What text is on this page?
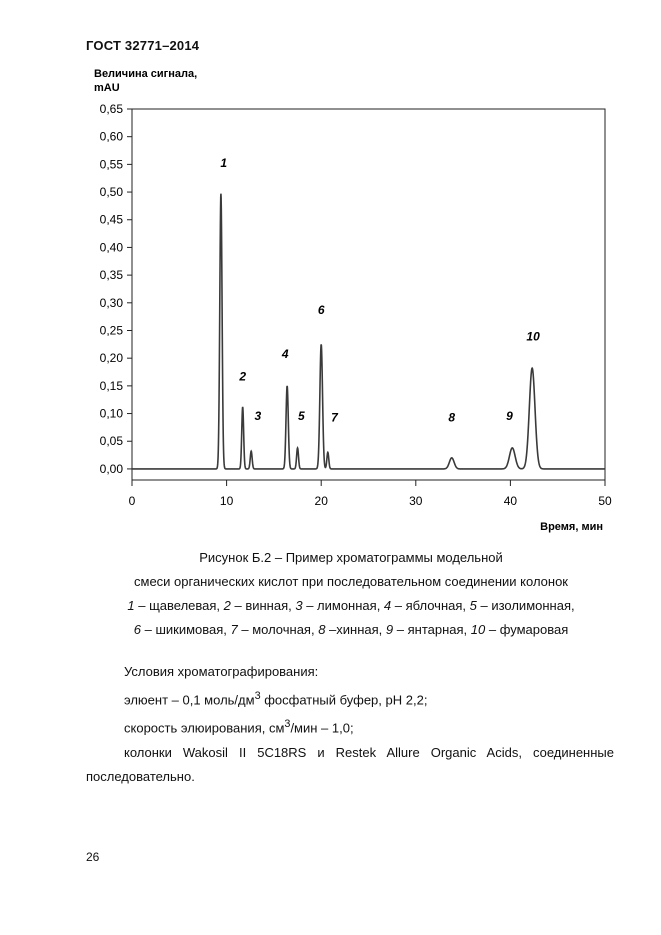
ГОСТ 32771–2014
Величина сигнала,
mAU
0,00
0,05
0,10
0,15
0,20
0,25
0,30
0,35
0,40
0,45
0,50
0,55
0,60
0,65
0	10	20	30	40	50
1
2
3
4
5
6
7	8	9
10
Время, мин
Рисунок Б.2 – Пример хроматограммы модельной
смеси органических кислот при последовательном соединении колонок
1 – щавелевая, 2 – винная, 3 – лимонная, 4 – яблочная, 5 – изолимонная,
6 – шикимовая, 7 – молочная, 8 –хинная, 9 – янтарная, 10 – фумаровая
Условия хроматографирования:
элюент – 0,1 моль/$дм^3$ фосфатный буфер, pH 2,2;
скорость элюирования, $см^3$/мин – 1,0;
колонки Wakosil II 5C18RS и Restek Allure Organic Acids, соединенные
последовательно.
26
